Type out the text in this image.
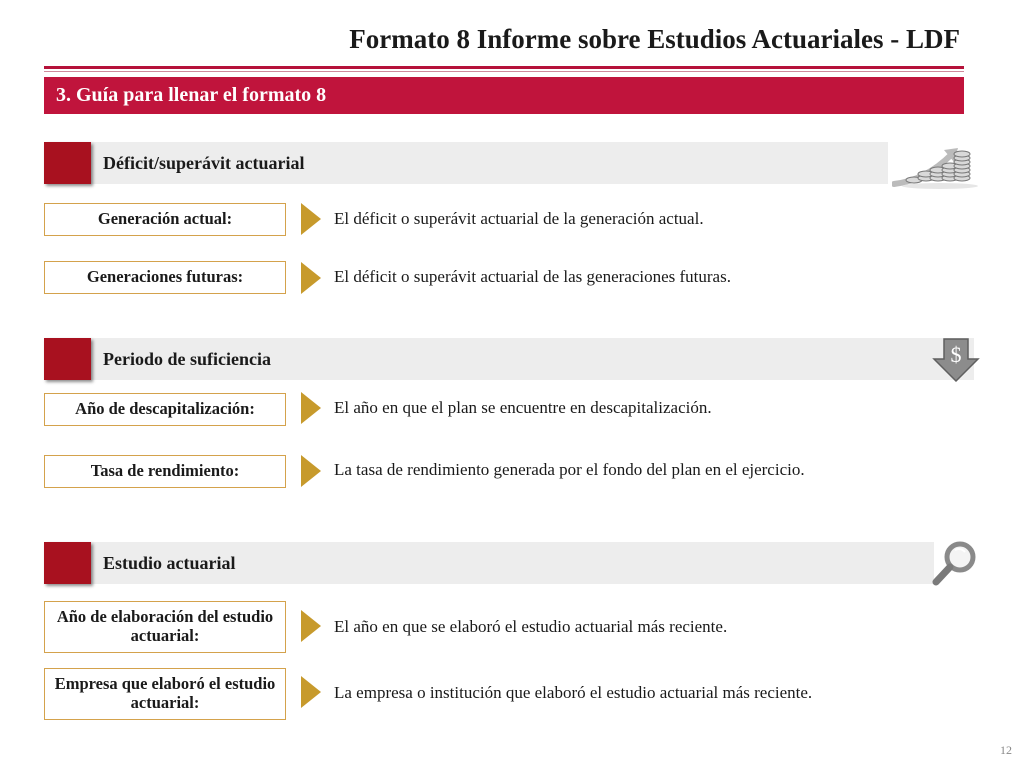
Formato 8 Informe sobre Estudios Actuariales - LDF
3. Guía para llenar el formato 8
Déficit/superávit actuarial
Generación actual:	El déficit o superávit actuarial de la generación actual.
Generaciones futuras:	El déficit o superávit actuarial de las generaciones futuras.
Periodo de suficiencia	$
Año de descapitalización:	El año en que el plan se encuentre en descapitalización.
Tasa de rendimiento:	La tasa de rendimiento generada por el fondo del plan en el ejercicio.
Estudio actuarial
Año de elaboración del estudio actuarial:	El año en que se elaboró el estudio actuarial más reciente.
Empresa que elaboró el estudio actuarial:
La empresa o institución que elaboró el estudio actuarial más reciente.
12
